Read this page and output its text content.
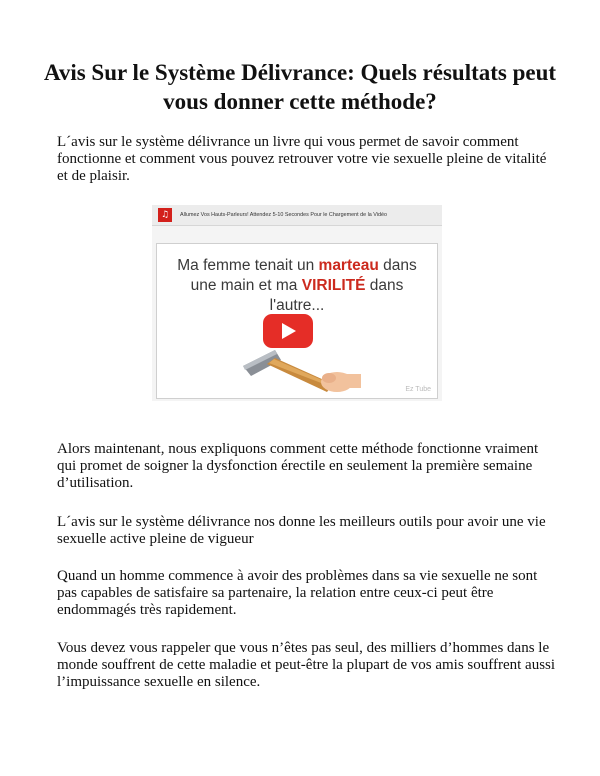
Avis Sur le Système Délivrance: Quels résultats peut vous donner cette méthode?

L´avis sur le système délivrance un livre qui vous permet de savoir comment fonctionne et comment vous pouvez retrouver votre vie sexuelle pleine de vitalité et de plaisir.

♫	Allumez Vos Hauts-Parleurs! Attendez 5-10 Secondes Pour le Chargement de la Vidéo
Ma femme tenait un marteau dans une main et ma VIRILITÉ dans l'autre...
Ez Tube

Alors maintenant, nous expliquons comment cette méthode fonctionne vraiment qui promet de soigner la dysfonction érectile en seulement la première semaine d’utilisation.

L´avis sur le système délivrance nos donne les meilleurs outils pour avoir une vie sexuelle active pleine de vigueur

Quand un homme commence à avoir des problèmes dans sa vie sexuelle ne sont pas capables de satisfaire sa partenaire, la relation entre ceux-ci peut être endommagés très rapidement.

Vous devez vous rappeler que vous n’êtes pas seul, des milliers d’hommes dans le monde souffrent de cette maladie et peut-être la plupart de vos amis souffrent aussi l’impuissance sexuelle en silence.
